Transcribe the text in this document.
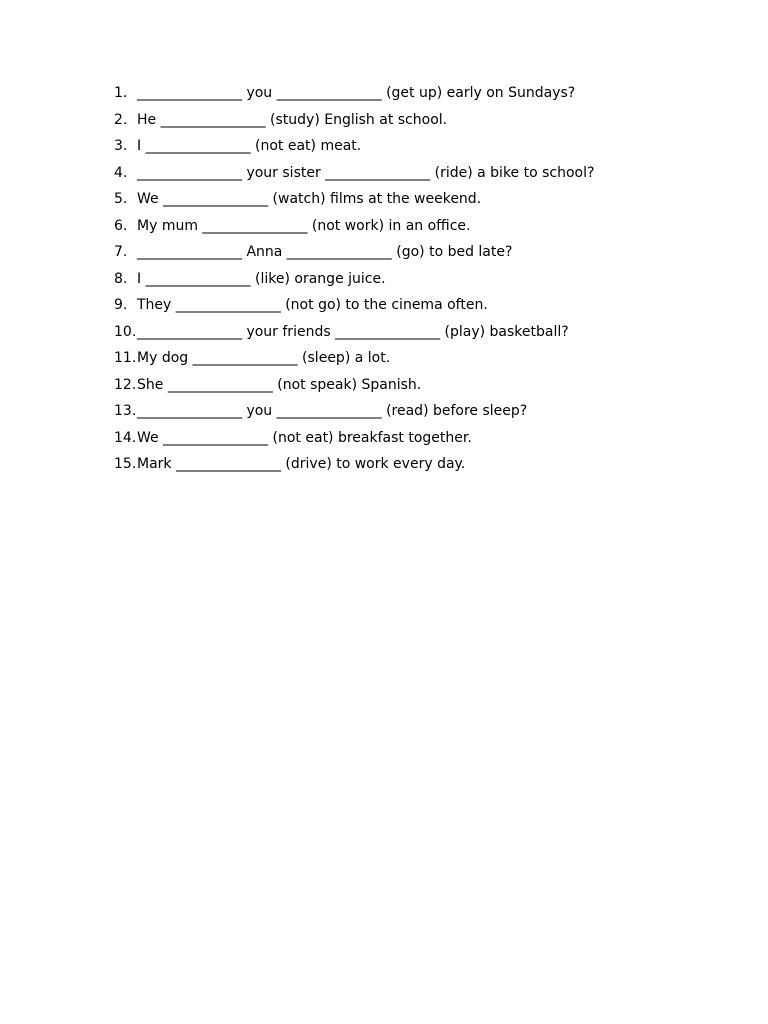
1.

_______________ you _______________ (get up) early on Sundays?

2.

He _______________ (study) English at school.

3.

I _______________ (not eat) meat.

4.

_______________ your sister _______________ (ride) a bike to school?

5.

We _______________ (watch) films at the weekend.

6.

My mum _______________ (not work) in an office.

7.

_______________ Anna _______________ (go) to bed late?

8.

I _______________ (like) orange juice.

9.

They _______________ (not go) to the cinema often.

10.

_______________ your friends _______________ (play) basketball?

11.

My dog _______________ (sleep) a lot.

12.

She _______________ (not speak) Spanish.

13.

_______________ you _______________ (read) before sleep?

14.

We _______________ (not eat) breakfast together.

15.

Mark _______________ (drive) to work every day.
